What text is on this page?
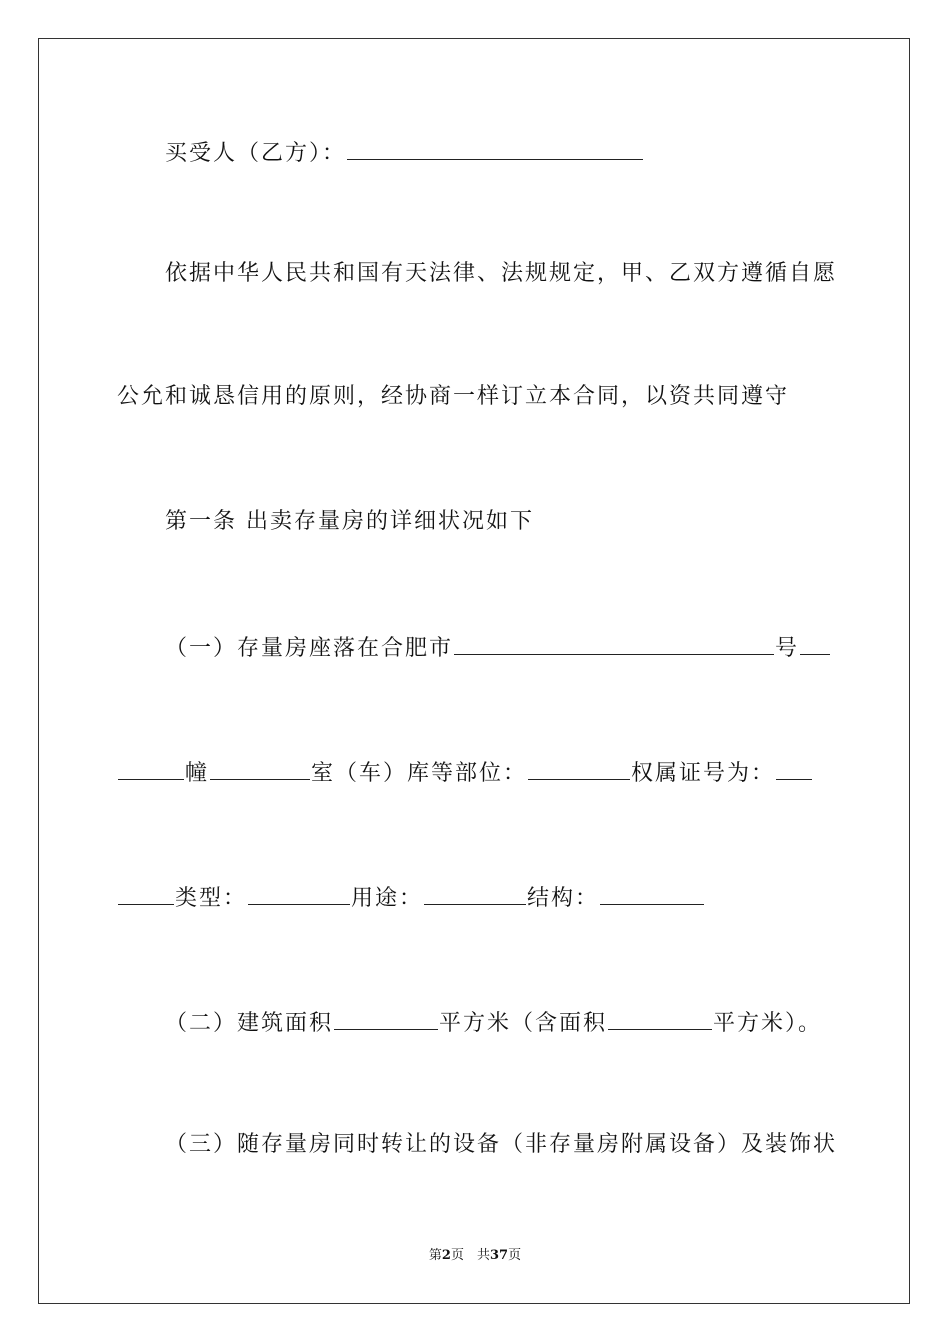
买受人（乙方）：
依据中华人民共和国有天法律、法规规定，甲、乙双方遵循自愿
公允和诚恳信用的原则，经协商一样订立本合同，以资共同遵守
第一条 出卖存量房的详细状况如下
（一）存量房座落在合肥市	号
幢	室（车）库等部位：	权属证号为：
类型：	用途：	结构：
（二）建筑面积	平方米（含面积	平方米）。
（三）随存量房同时转让的设备（非存量房附属设备）及装饰状
第2页　共37页
